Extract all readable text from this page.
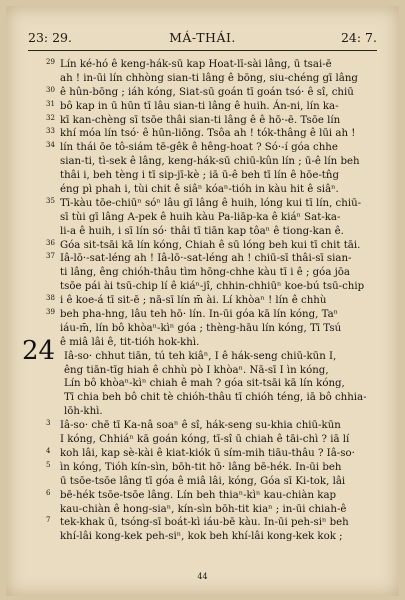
23: 29.	MÁ-THÁI.	24: 7.
24
29 Lín ké-hó ê keng-hák-sū kap Hoat-lī-sài lâng, ū tsai-ē
ah ! in-ūi lín chhòng sian-ti lâng ê bōng, siu-chéng gī lâng
30 ê hûn-bōng ; iáh kóng, Siat-sū goán tī goán tsó· ê sî, chiū
31 bô kap in ū hūn tī lâu sian-ti lâng ê huih. Án-ni, lín ka-
32 kī kan-chèng sī tsōe thâi sian-ti lâng ê ê hō·-ē. Tsōe lín
33 khí móa lín tsó· ê hūn-liōng. Tsôa ah ! tók-thâng ê lūi ah !
34 lín thái ōe tô-siám tē-gêk ê hêng-hoat ? Só·-í góa chhe
sian-ti, tì-sek ê lâng, keng-hák-sū chiū-kûn lín ; ū-ê lín beh
thâi i, beh tèng i tī sip-jī-kè ; iā ū-ê beh tī lín ê hōe-tn̂g
éng pì phah i, tùi chit ê siâⁿ kóaⁿ-tióh in kàu hit ê siâⁿ.
35 Tī-kàu tōe-chiūⁿ sóⁿ lâu gī lâng ê huih, lóng kui tī lín, chiū-
sī tùi gī lâng A-pek ê huih kàu Pa-liāp-ka ê kiáⁿ Sat-ka-
li-a ê huih, i sī lín só· thâi tī tiān kap tôaⁿ ê tiong-kan ê.
36 Góa sit-tsāi kā lín kóng, Chiah ê sū lóng beh kui tī chit tāi.
37 Iâ-lō·-sat-léng ah ! Iâ-lō·-sat-léng ah ! chiū-sī thâi-sī sian-
ti lâng, êng chióh-thâu tìm hōng-chhe kàu tī i ê ; góa jōa
tsōe pái ài tsū-chip lí ê kiáⁿ-jî, chhin-chhiūⁿ koe-bú tsū-chip
38 i ê koe-á tī sit-ē ; nā-sī lín m̄ ài. Lí khòaⁿ ! lín ê chhù
39 beh pha-hng, lâu teh hō· lín. In-ūi góa kā lín kóng, Taⁿ
iáu-m̄, lín bô khòaⁿ-kìⁿ góa ; thèng-hāu lín kóng, Tī Tsú
ê miâ lâi ê, tit-tióh hok-khì.
Iâ-so· chhut tiān, tú teh kiâⁿ, I ê hák-seng chiū-kūn I,
êng tiān-tīg hiah ê chhù pò I khòaⁿ. Nā-sī I ìn kóng,
Lín bô khòaⁿ-kìⁿ chiah ê mah ? góa sit-tsāi kā lín kóng,
Tī chia beh bô chit tè chióh-thâu tī chióh téng, iā bô chhia-
lōh-khì.
3 Iâ-so· chē tī Ka-nâ soaⁿ ê sî, hák-seng su-khia chiū-kūn
I kóng, Chhiáⁿ kā goán kóng, tī-sî ū chiah ê tāi-chì ? iā lí
4 koh lâi, kap sè-kài ê kiat-kiók ū sím-mih tiāu-thâu ? Iâ-so·
5 ìn kóng, Tióh kín-sìn, bōh-tit hō· lâng bē-hék. In-ūi beh
ū tsōe-tsōe lâng tī góa ê miâ lâi, kóng, Góa sī Ki-tok, lâi
6 bē-hék tsōe-tsōe lâng. Lín beh thiaⁿ-kìⁿ kau-chiàn kap
kau-chiàn ê hong-siaⁿ, kín-sìn bōh-tit kiaⁿ ; in-ūi chiah-ê
7 tek-khak ū, tsóng-sī boát-kì iáu-bē kàu. In-ūi peh-siⁿ beh
khí-lâi kong-kek peh-siⁿ, kok beh khí-lâi kong-kek kok ;
44
